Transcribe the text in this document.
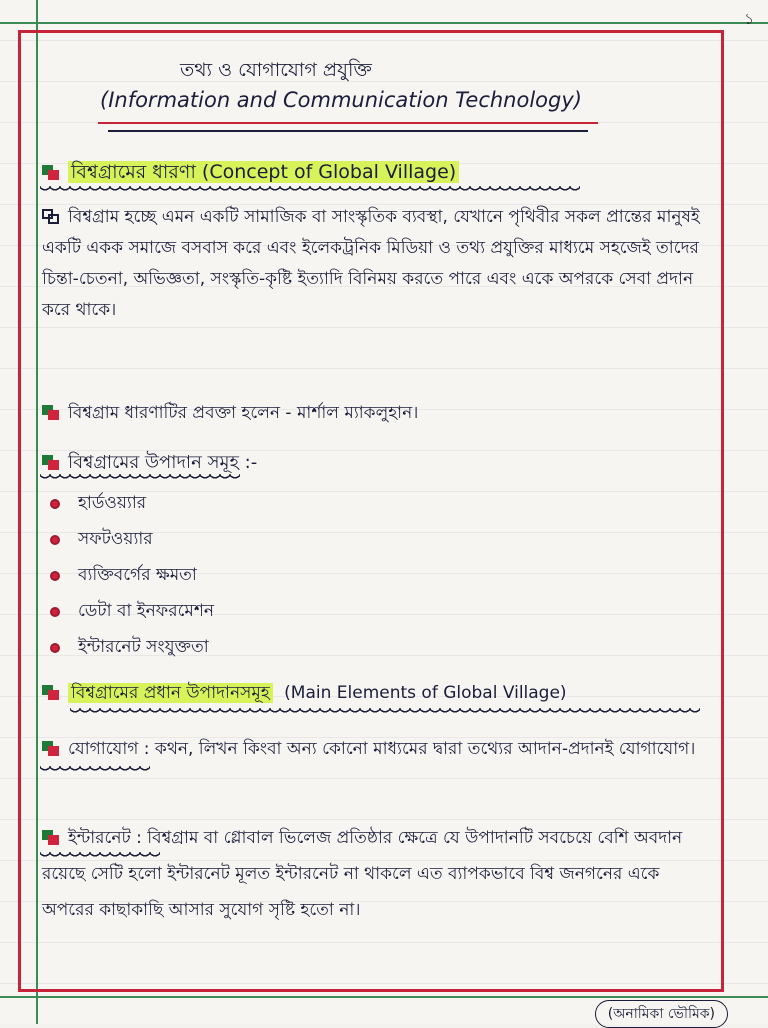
১
তথ্য ও যোগাযোগ প্রযুক্তি
(Information and Communication Technology)
বিশ্বগ্রামের ধারণা (Concept of Global Village)
বিশ্বগ্রাম হচ্ছে এমন একটি সামাজিক বা সাংস্কৃতিক ব্যবস্থা, যেখানে পৃথিবীর সকল প্রান্তের মানুষই একটি একক সমাজে বসবাস করে এবং ইলেকট্রনিক মিডিয়া ও তথ্য প্রযুক্তির মাধ্যমে সহজেই তাদের চিন্তা-চেতনা, অভিজ্ঞতা, সংস্কৃতি-কৃষ্টি ইত্যাদি বিনিময় করতে পারে এবং একে অপরকে সেবা প্রদান করে থাকে।
বিশ্বগ্রাম ধারণাটির প্রবক্তা হলেন - মার্শাল ম্যাকলুহান।
বিশ্বগ্রামের উপাদান সমূহ :-
হার্ডওয়্যার
সফটওয়্যার
ব্যক্তিবর্গের ক্ষমতা
ডেটা বা ইনফরমেশন
ইন্টারনেট সংযুক্ততা
বিশ্বগ্রামের প্রধান উপাদানসমূহ (Main Elements of Global Village)
যোগাযোগ : কথন, লিখন কিংবা অন্য কোনো মাধ্যমের দ্বারা তথ্যের আদান-প্রদানই যোগাযোগ।
ইন্টারনেট : বিশ্বগ্রাম বা গ্লোবাল ভিলেজ প্রতিষ্ঠার ক্ষেত্রে যে উপাদানটি সবচেয়ে বেশি অবদান রয়েছে সেটি হলো ইন্টারনেট মূলত ইন্টারনেট না থাকলে এত ব্যাপকভাবে বিশ্ব জনগনের একে অপরের কাছাকাছি আসার সুযোগ সৃষ্টি হতো না।
(অনামিকা ভৌমিক)
